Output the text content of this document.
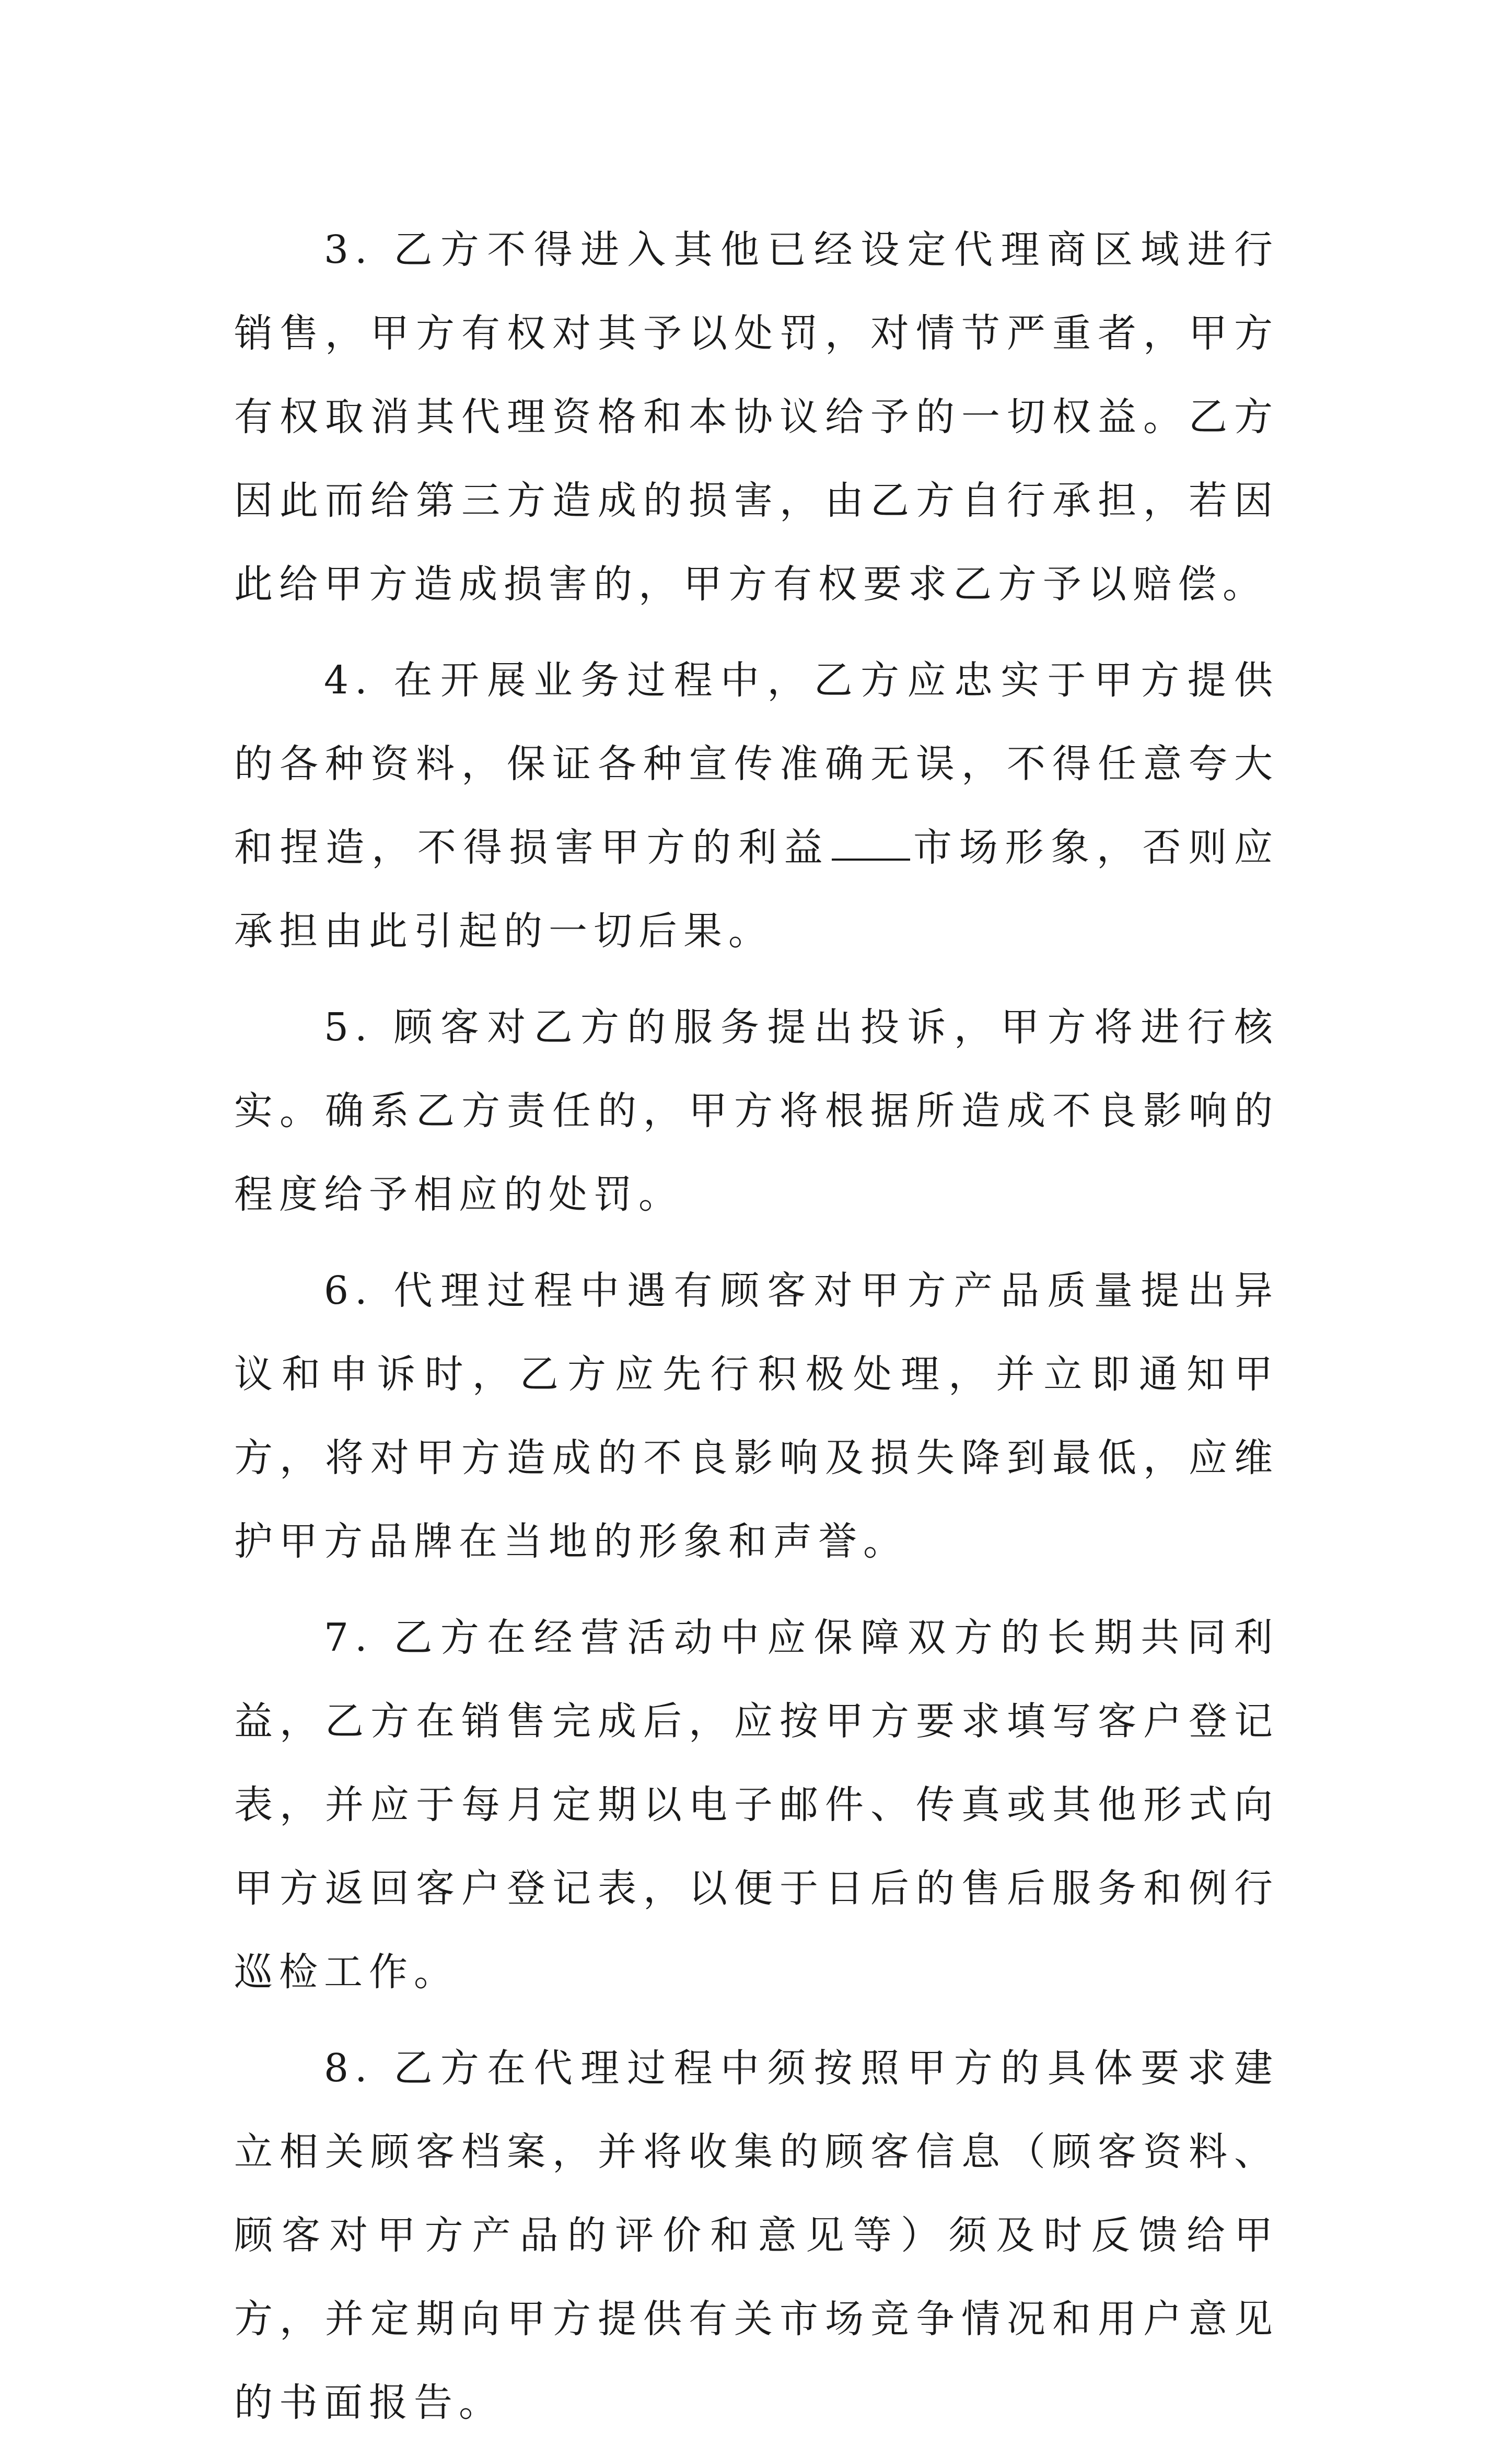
3. 乙方不得进入其他已经设定代理商区域进行销售，甲方有权对其予以处罚，对情节严重者，甲方有权取消其代理资格和本协议给予的一切权益。乙方因此而给第三方造成的损害，由乙方自行承担，若因此给甲方造成损害的，甲方有权要求乙方予以赔偿。

4. 在开展业务过程中，乙方应忠实于甲方提供的各种资料，保证各种宣传准确无误，不得任意夸大和捏造，不得损害甲方的利益 市场形象，否则应承担由此引起的一切后果。

5. 顾客对乙方的服务提出投诉，甲方将进行核实。确系乙方责任的，甲方将根据所造成不良影响的程度给予相应的处罚。

6. 代理过程中遇有顾客对甲方产品质量提出异议和申诉时，乙方应先行积极处理，并立即通知甲方，将对甲方造成的不良影响及损失降到最低，应维护甲方品牌在当地的形象和声誉。

7. 乙方在经营活动中应保障双方的长期共同利益，乙方在销售完成后，应按甲方要求填写客户登记表，并应于每月定期以电子邮件、传真或其他形式向甲方返回客户登记表，以便于日后的售后服务和例行巡检工作。

8. 乙方在代理过程中须按照甲方的具体要求建立相关顾客档案，并将收集的顾客信息（顾客资料、顾客对甲方产品的评价和意见等）须及时反馈给甲方，并定期向甲方提供有关市场竞争情况和用户意见的书面报告。
